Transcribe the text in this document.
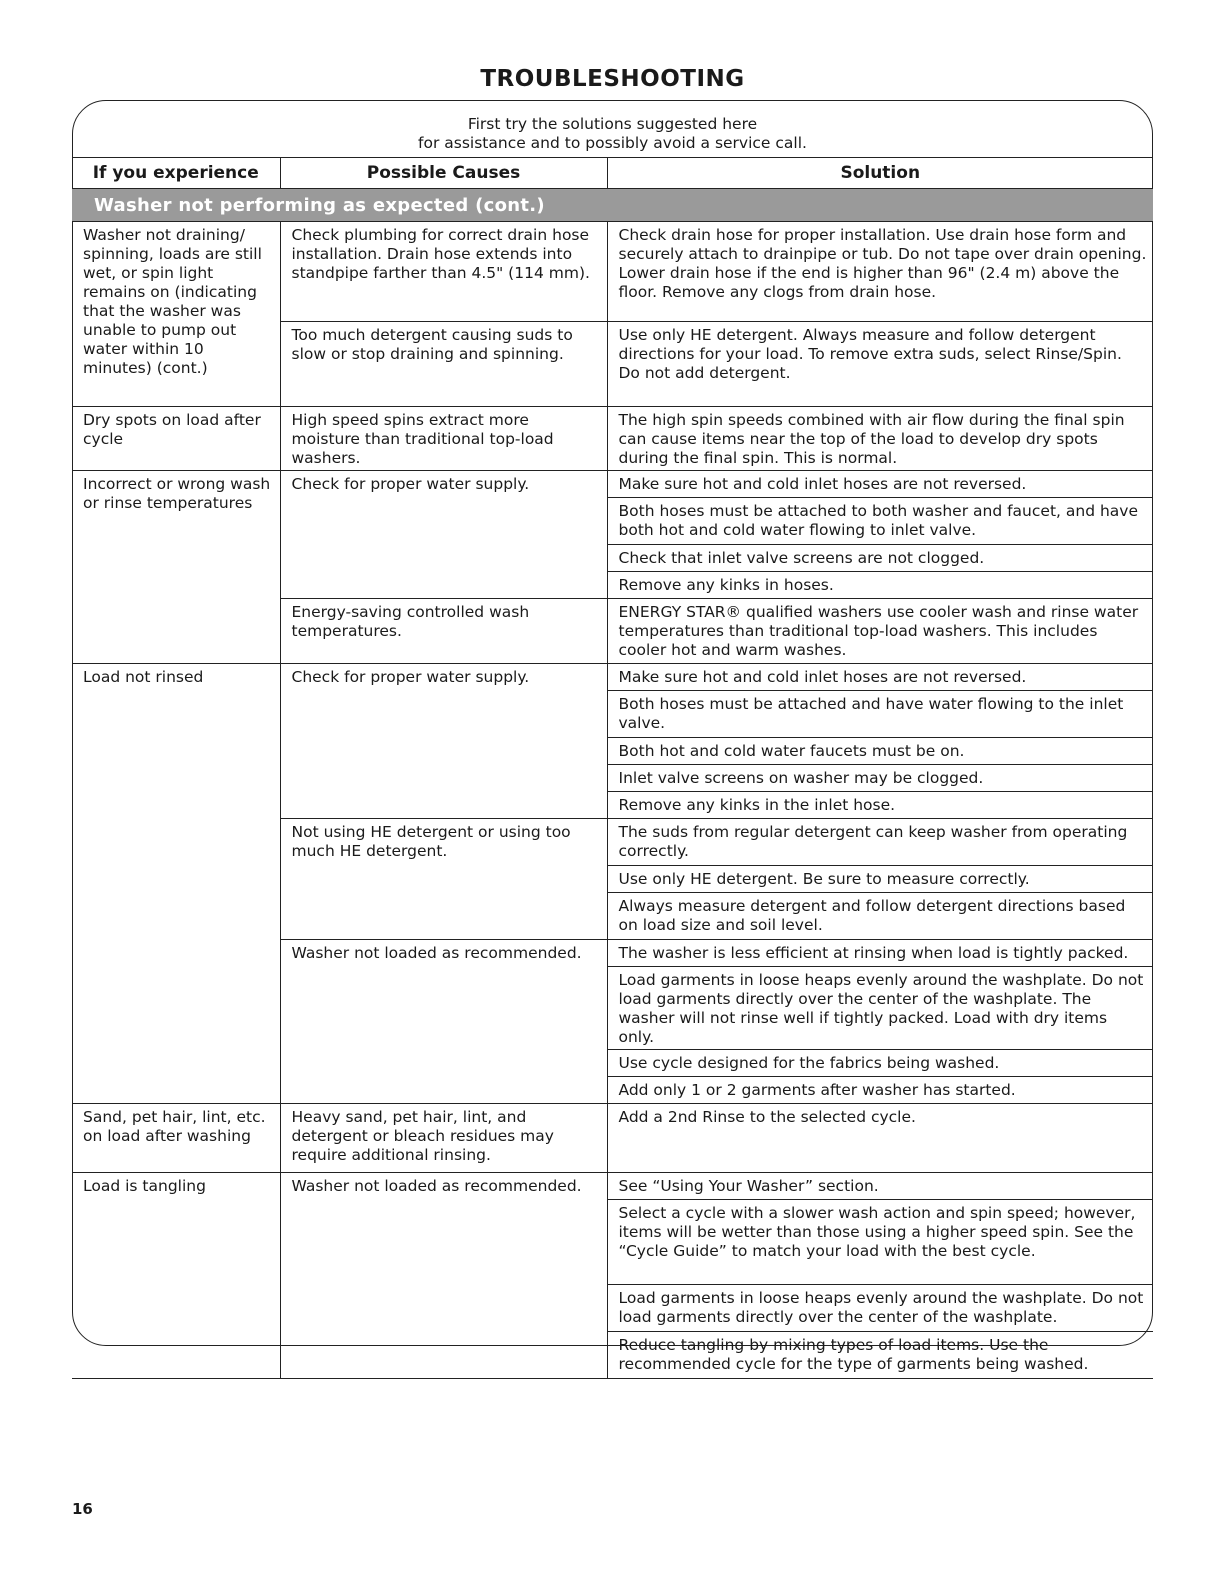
TROUBLESHOOTING
First try the solutions suggested here
for assistance and to possibly avoid a service call.
If you experience	Possible Causes	Solution
Washer not performing as expected (cont.)		
Washer not draining/ spinning, loads are still wet, or spin light remains on (indicating that the washer was unable to pump out water within 10 minutes) (cont.)	Check plumbing for correct drain hose installation. Drain hose extends into standpipe farther than 4.5" (114 mm).	Check drain hose for proper installation. Use drain hose form and securely attach to drainpipe or tub. Do not tape over drain opening. Lower drain hose if the end is higher than 96" (2.4 m) above the floor. Remove any clogs from drain hose.
	Too much detergent causing suds to slow or stop draining and spinning.	Use only HE detergent. Always measure and follow detergent directions for your load. To remove extra suds, select Rinse/Spin. Do not add detergent.
Dry spots on load after cycle	High speed spins extract more moisture than traditional top-load washers.	The high spin speeds combined with air flow during the final spin can cause items near the top of the load to develop dry spots during the final spin. This is normal.
Incorrect or wrong wash or rinse temperatures	Check for proper water supply.	Make sure hot and cold inlet hoses are not reversed.
		Both hoses must be attached to both washer and faucet, and have both hot and cold water flowing to inlet valve.
		Check that inlet valve screens are not clogged.
		Remove any kinks in hoses.
	Energy-saving controlled wash temperatures.	ENERGY STAR® qualified washers use cooler wash and rinse water temperatures than traditional top-load washers. This includes cooler hot and warm washes.
Load not rinsed	Check for proper water supply.	Make sure hot and cold inlet hoses are not reversed.
		Both hoses must be attached and have water flowing to the inlet valve.
		Both hot and cold water faucets must be on.
		Inlet valve screens on washer may be clogged.
		Remove any kinks in the inlet hose.
	Not using HE detergent or using too much HE detergent.	The suds from regular detergent can keep washer from operating correctly.
		Use only HE detergent. Be sure to measure correctly.
		Always measure detergent and follow detergent directions based on load size and soil level.
	Washer not loaded as recommended.	The washer is less efficient at rinsing when load is tightly packed.
		Load garments in loose heaps evenly around the washplate. Do not load garments directly over the center of the washplate. The washer will not rinse well if tightly packed. Load with dry items only.
		Use cycle designed for the fabrics being washed.
		Add only 1 or 2 garments after washer has started.
Sand, pet hair, lint, etc. on load after washing	Heavy sand, pet hair, lint, and detergent or bleach residues may require additional rinsing.	Add a 2nd Rinse to the selected cycle.
Load is tangling	Washer not loaded as recommended.	See “Using Your Washer” section.
		Select a cycle with a slower wash action and spin speed; however, items will be wetter than those using a higher speed spin. See the “Cycle Guide” to match your load with the best cycle.
		Load garments in loose heaps evenly around the washplate. Do not load garments directly over the center of the washplate.
		Reduce tangling by mixing types of load items. Use the recommended cycle for the type of garments being washed.
16
